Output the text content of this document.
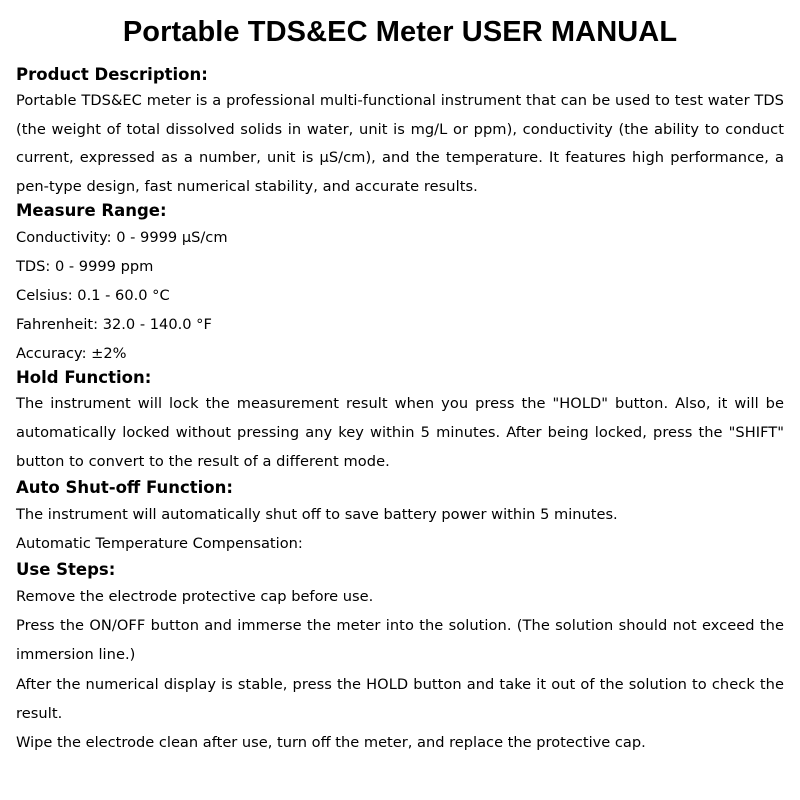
Portable TDS&EC Meter USER MANUAL
Product Description:

Portable TDS&EC meter is a professional multi-functional instrument that can be used to test water TDS (the weight of total dissolved solids in water, unit is mg/L or ppm), conductivity (the ability to conduct current, expressed as a number, unit is μS/cm), and the temperature. It features high performance, a pen-type design, fast numerical stability, and accurate results.

Measure Range:

Conductivity: 0 - 9999 μS/cm

TDS: 0 - 9999 ppm

Celsius: 0.1 - 60.0 °C

Fahrenheit: 32.0 - 140.0 °F

Accuracy: ±2%

Hold Function:

The instrument will lock the measurement result when you press the "HOLD" button. Also, it will be automatically locked without pressing any key within 5 minutes. After being locked, press the "SHIFT" button to convert to the result of a different mode.

Auto Shut-off Function:

The instrument will automatically shut off to save battery power within 5 minutes.

Automatic Temperature Compensation:

Use Steps:

Remove the electrode protective cap before use.

Press the ON/OFF button and immerse the meter into the solution. (The solution should not exceed the immersion line.)

After the numerical display is stable, press the HOLD button and take it out of the solution to check the result.

Wipe the electrode clean after use, turn off the meter, and replace the protective cap.
